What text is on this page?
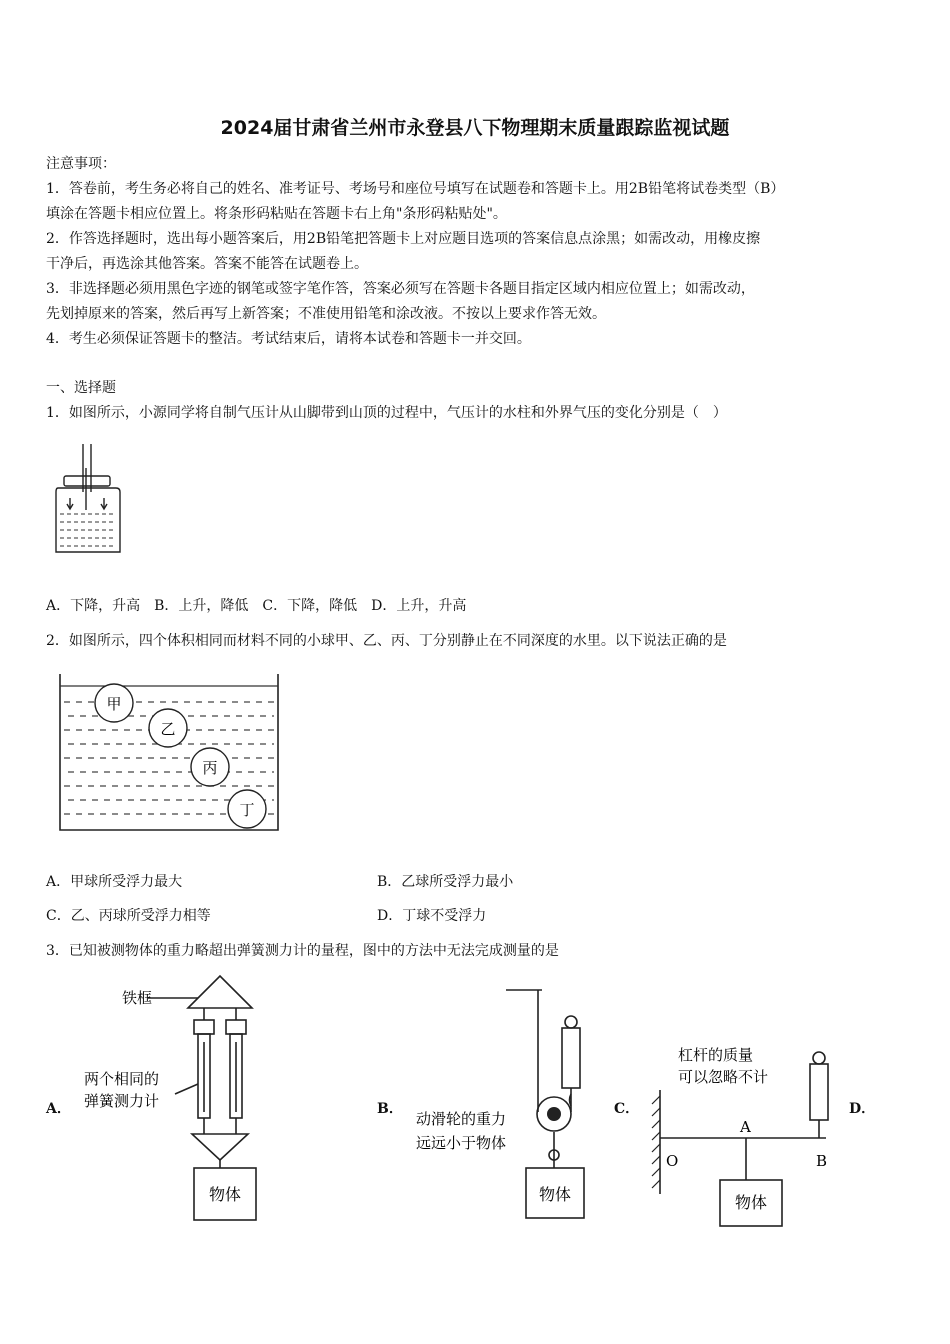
2024届甘肃省兰州市永登县八下物理期末质量跟踪监视试题
注意事项：
1．答卷前，考生务必将自己的姓名、准考证号、考场号和座位号填写在试题卷和答题卡上。用2B铅笔将试卷类型（B）
填涂在答题卡相应位置上。将条形码粘贴在答题卡右上角"条形码粘贴处"。
2．作答选择题时，选出每小题答案后，用2B铅笔把答题卡上对应题目选项的答案信息点涂黑；如需改动，用橡皮擦
干净后，再选涂其他答案。答案不能答在试题卷上。
3．非选择题必须用黑色字迹的钢笔或签字笔作答，答案必须写在答题卡各题目指定区域内相应位置上；如需改动，
先划掉原来的答案，然后再写上新答案；不准使用铅笔和涂改液。不按以上要求作答无效。
4．考生必须保证答题卡的整洁。考试结束后，请将本试卷和答题卡一并交回。
一、选择题
1．如图所示，小源同学将自制气压计从山脚带到山顶的过程中，气压计的水柱和外界气压的变化分别是（　）
A．下降，升高　B．上升，降低　C．下降，降低　D．上升，升高
2．如图所示，四个体积相同而材料不同的小球甲、乙、丙、丁分别静止在不同深度的水里。以下说法正确的是
甲
乙
丙
丁
A．甲球所受浮力最大	B．乙球所受浮力最小
C．乙、丙球所受浮力相等	D．丁球不受浮力
3．已知被测物体的重力略超出弹簧测力计的量程，图中的方法中无法完成测量的是
A．	B．	C．	D．
铁框
两个相同的
弹簧测力计
物体
动滑轮的重力
远远小于物体
物体
杠杆的质量
可以忽略不计
A
O	B
物体
